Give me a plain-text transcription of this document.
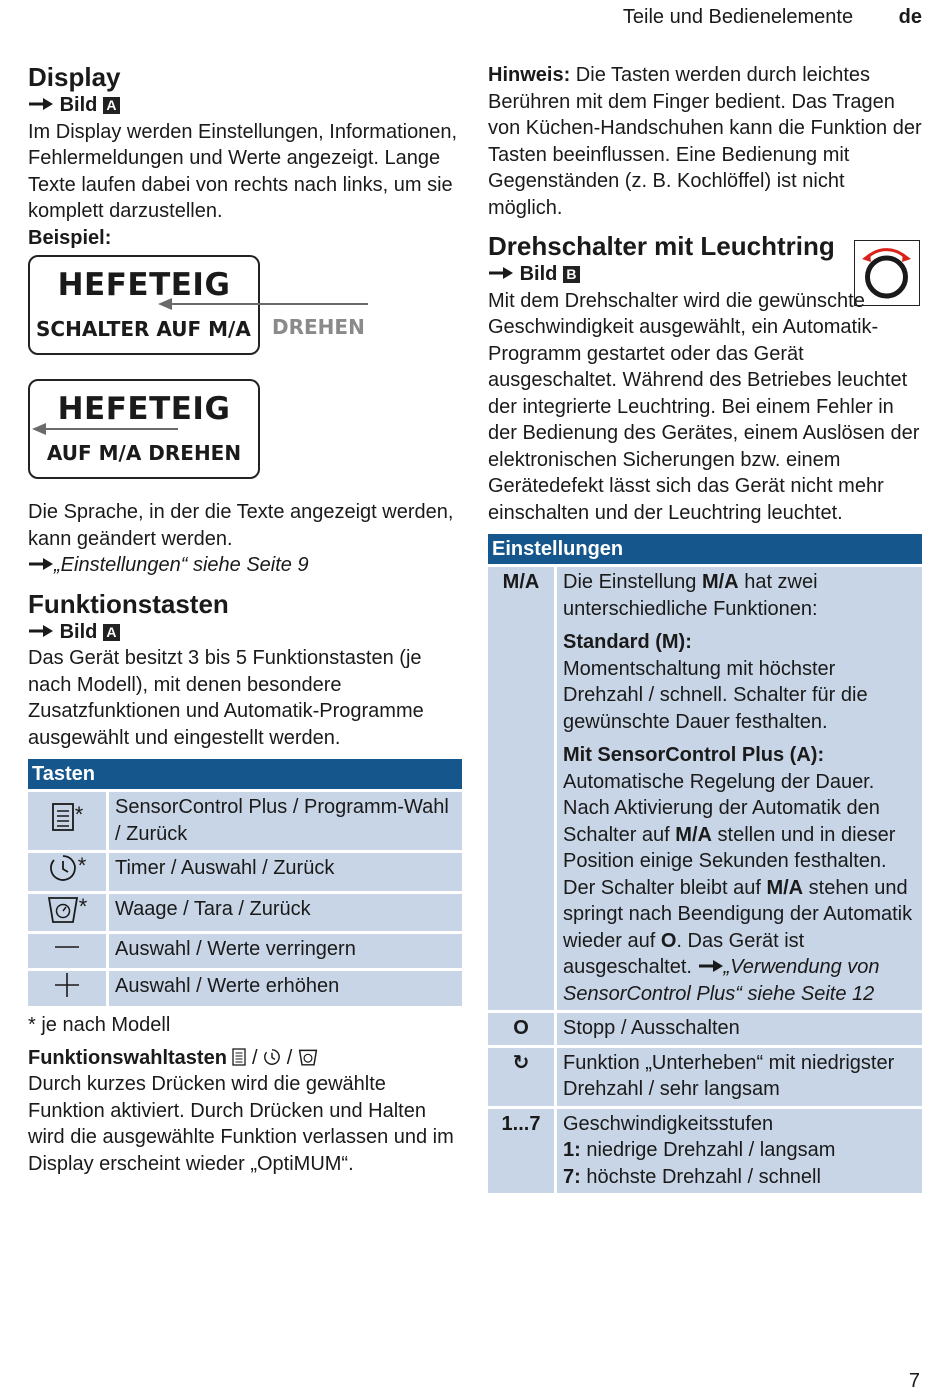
Teile und Bedienelemente de
Display
Bild A

Im Display werden Einstellungen, Informationen, Fehlermeldungen und Werte angezeigt. Lange Texte laufen dabei von rechts nach links, um sie komplett darzustellen.

Beispiel:

HEFETEIG
SCHALTER AUF M/A DREHEN
HEFETEIG
AUF M/A DREHEN

Die Sprache, in der die Texte angezeigt werden, kann geändert werden.

„Einstellungen“ siehe Seite 9

Funktionstasten
Bild A

Das Gerät besitzt 3 bis 5 Funktionstasten (je nach Modell), mit denen besondere Zusatzfunktionen und Automatik-Programme ausgewählt und eingestellt werden.

Tasten
*	SensorControl Plus / Programm-Wahl / Zurück
*	Timer / Auswahl / Zurück
*	Waage / Tara / Zurück
	Auswahl / Werte verringern
	Auswahl / Werte erhöhen

* je nach Modell

Funktionswahltasten / /

Durch kurzes Drücken wird die gewählte Funktion aktiviert. Durch Drücken und Halten wird die ausgewählte Funktion verlassen und im Display erscheint wieder „OptiMUM“.

Hinweis: Die Tasten werden durch leichtes Berühren mit dem Finger bedient. Das Tragen von Küchen-Handschuhen kann die Funktion der Tasten beeinflussen. Eine Bedienung mit Gegenständen (z. B. Kochlöffel) ist nicht möglich.

Drehschalter mit Leuchtring
Bild B

Mit dem Drehschalter wird die gewünschte Geschwindigkeit ausgewählt, ein Automatik-Programm gestartet oder das Gerät ausgeschaltet. Während des Betriebes leuchtet der integrierte Leuchtring. Bei einem Fehler in der Bedienung des Gerätes, einem Auslösen der elektronischen Sicherungen bzw. einem Gerätedefekt lässt sich das Gerät nicht mehr einschalten und der Leuchtring leuchtet.

Einstellungen
M/A	Die Einstellung M/A hat zwei unterschiedliche Funktionen:
Standard (M):
Momentschaltung mit höchster Drehzahl / schnell. Schalter für die gewünschte Dauer festhalten.
Mit SensorControl Plus (A):
Automatische Regelung der Dauer. Nach Aktivierung der Automatik den Schalter auf M/A stellen und in dieser Position einige Sekunden festhalten. Der Schalter bleibt auf M/A stehen und springt nach Beendigung der Automatik wieder auf O. Das Gerät ist ausgeschaltet. „Verwendung von SensorControl Plus“ siehe Seite 12

O	Stopp / Ausschalten
↻	Funktion „Unterheben“ mit niedrigster Drehzahl / sehr langsam
1...7	Geschwindigkeitsstufen
1: niedrige Drehzahl / langsam
7: höchste Drehzahl / schnell
7
